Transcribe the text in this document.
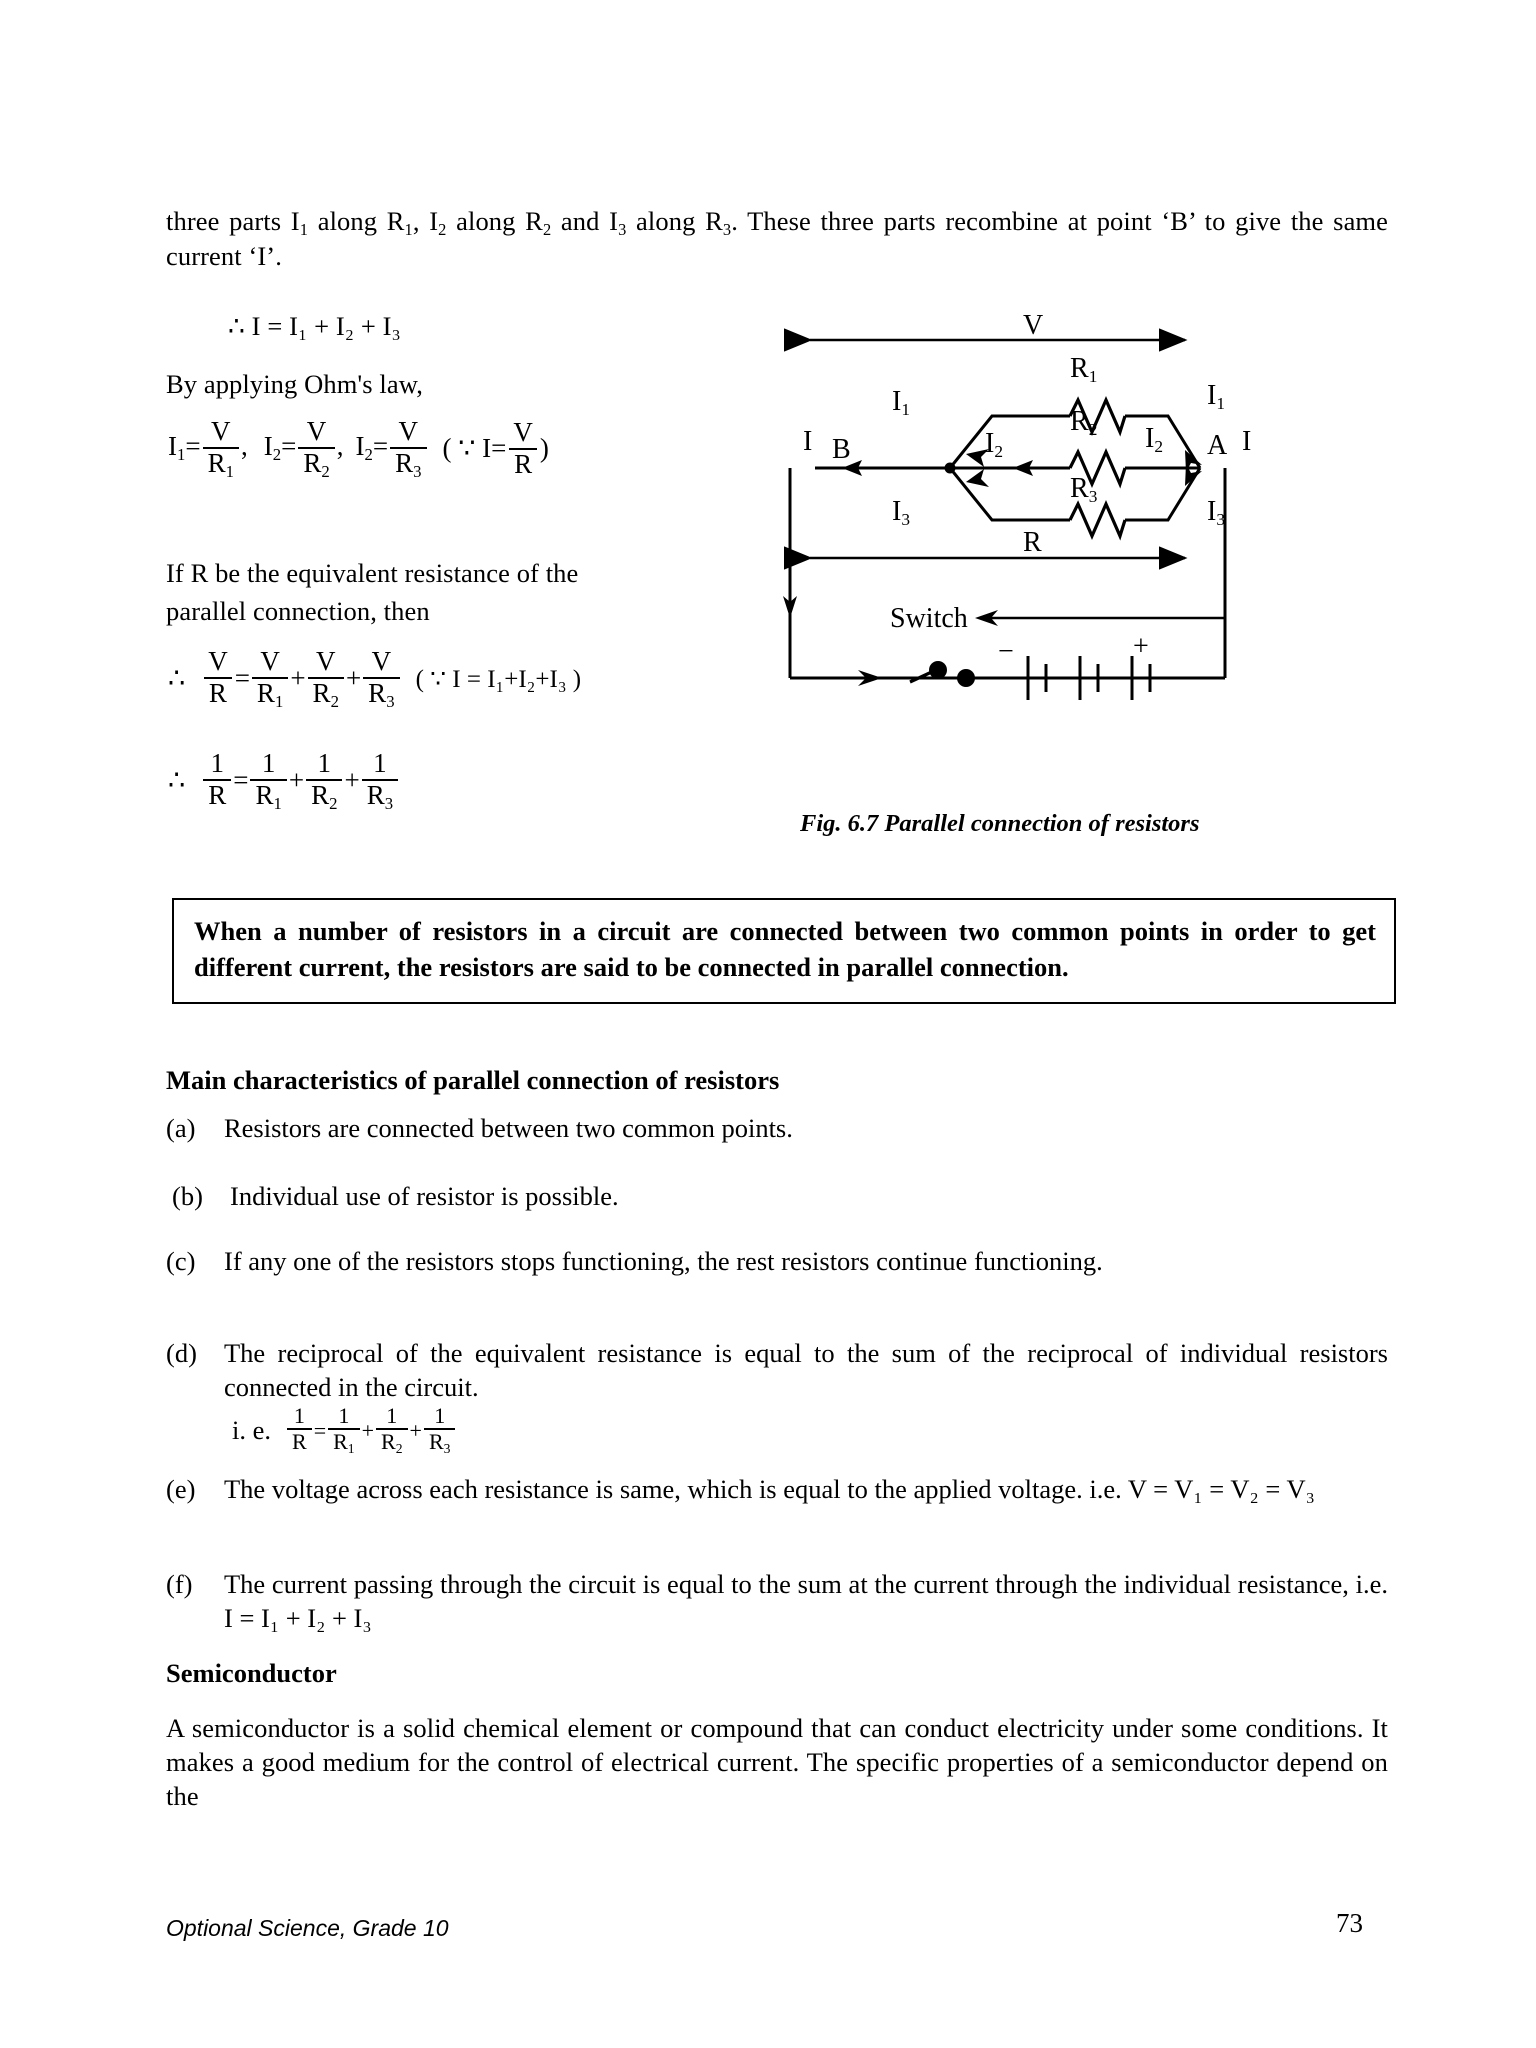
three parts $I_1$ along $R_1$, $I_2$ along $R_2$ and $I_3$ along $R_3$. These three parts recombine at point ‘B’ to give the same current ‘I’.
∴ I = I₁ + I₂ + I₃
By applying Ohm's law,
$I_1= \frac{V}{R_1}$ , $I_2= \frac{V}{R_2}$ , $I_2= \frac{V}{R_3}$ ( ∵ $I= \frac{V}{R}$ )
If R be the equivalent resistance of the
parallel connection, then
∴ $\frac{V}{R} = \frac{V}{R_1} + \frac{V}{R_2} + \frac{V}{R_3}$ ( ∵ I = I₁+I₂+I₃ )
∴ $\frac{1}{R} = \frac{1}{R_1} + \frac{1}{R_2} + \frac{1}{R_3}$
V
R
$R_1$
$R_2$
$R_3$
I B	A I
$I_1$	$I_1$
$I_2$	$I_2$
$I_3$	$I_3$
Switch
−	+
Fig. 6.7 Parallel connection of resistors
When a number of resistors in a circuit are connected between two common points in order to get different current, the resistors are said to be connected in parallel connection.
Main characteristics of parallel connection of resistors
(a)	Resistors are connected between two common points.
(b)	Individual use of resistor is possible.
(c)	If any one of the resistors stops functioning, the rest resistors continue functioning.
(d)	The reciprocal of the equivalent resistance is equal to the sum of the reciprocal of individual resistors connected in the circuit.
i. e. $\frac{1}{R} = \frac{1}{R_1} + \frac{1}{R_2} + \frac{1}{R_3}$
(e)	The voltage across each resistance is same, which is equal to the applied voltage. i.e. V = V₁ = V₂ = V₃
(f)	The current passing through the circuit is equal to the sum at the current through the individual resistance, i.e. I = I₁ + I₂ + I₃
Semiconductor
A semiconductor is a solid chemical element or compound that can conduct electricity under some conditions. It makes a good medium for the control of electrical current. The specific properties of a semiconductor depend on the
Optional Science, Grade 10	73
